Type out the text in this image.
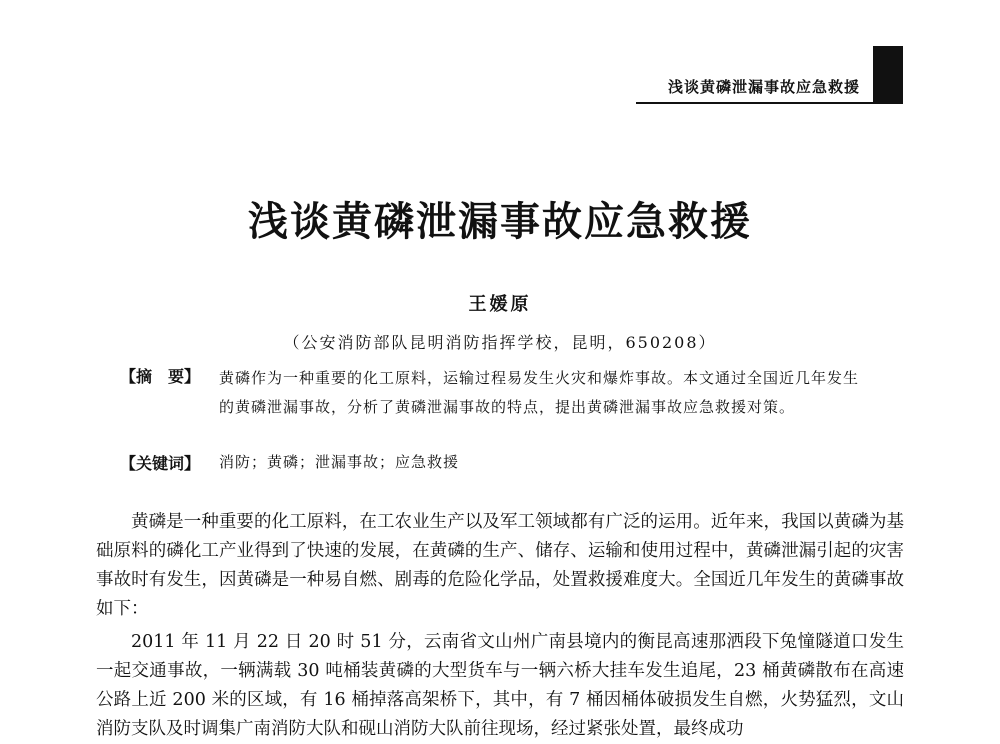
浅谈黄磷泄漏事故应急救援
浅谈黄磷泄漏事故应急救援
王媛原
（公安消防部队昆明消防指挥学校，昆明，650208）
【摘　要】 黄磷作为一种重要的化工原料，运输过程易发生火灾和爆炸事故。本文通过全国近几年发生的黄磷泄漏事故，分析了黄磷泄漏事故的特点，提出黄磷泄漏事故应急救援对策。
【关键词】 消防；黄磷；泄漏事故；应急救援

黄磷是一种重要的化工原料，在工农业生产以及军工领域都有广泛的运用。近年来，我国以黄磷为基础原料的磷化工产业得到了快速的发展，在黄磷的生产、储存、运输和使用过程中，黄磷泄漏引起的灾害事故时有发生，因黄磷是一种易自燃、剧毒的危险化学品，处置救援难度大。全国近几年发生的黄磷事故如下：

2011 年 11 月 22 日 20 时 51 分，云南省文山州广南县境内的衡昆高速那洒段下兔憧隧道口发生一起交通事故，一辆满载 30 吨桶装黄磷的大型货车与一辆六桥大挂车发生追尾，23 桶黄磷散布在高速公路上近 200 米的区域，有 16 桶掉落高架桥下，其中，有 7 桶因桶体破损发生自燃，火势猛烈，文山消防支队及时调集广南消防大队和砚山消防大队前往现场，经过紧张处置，最终成功
